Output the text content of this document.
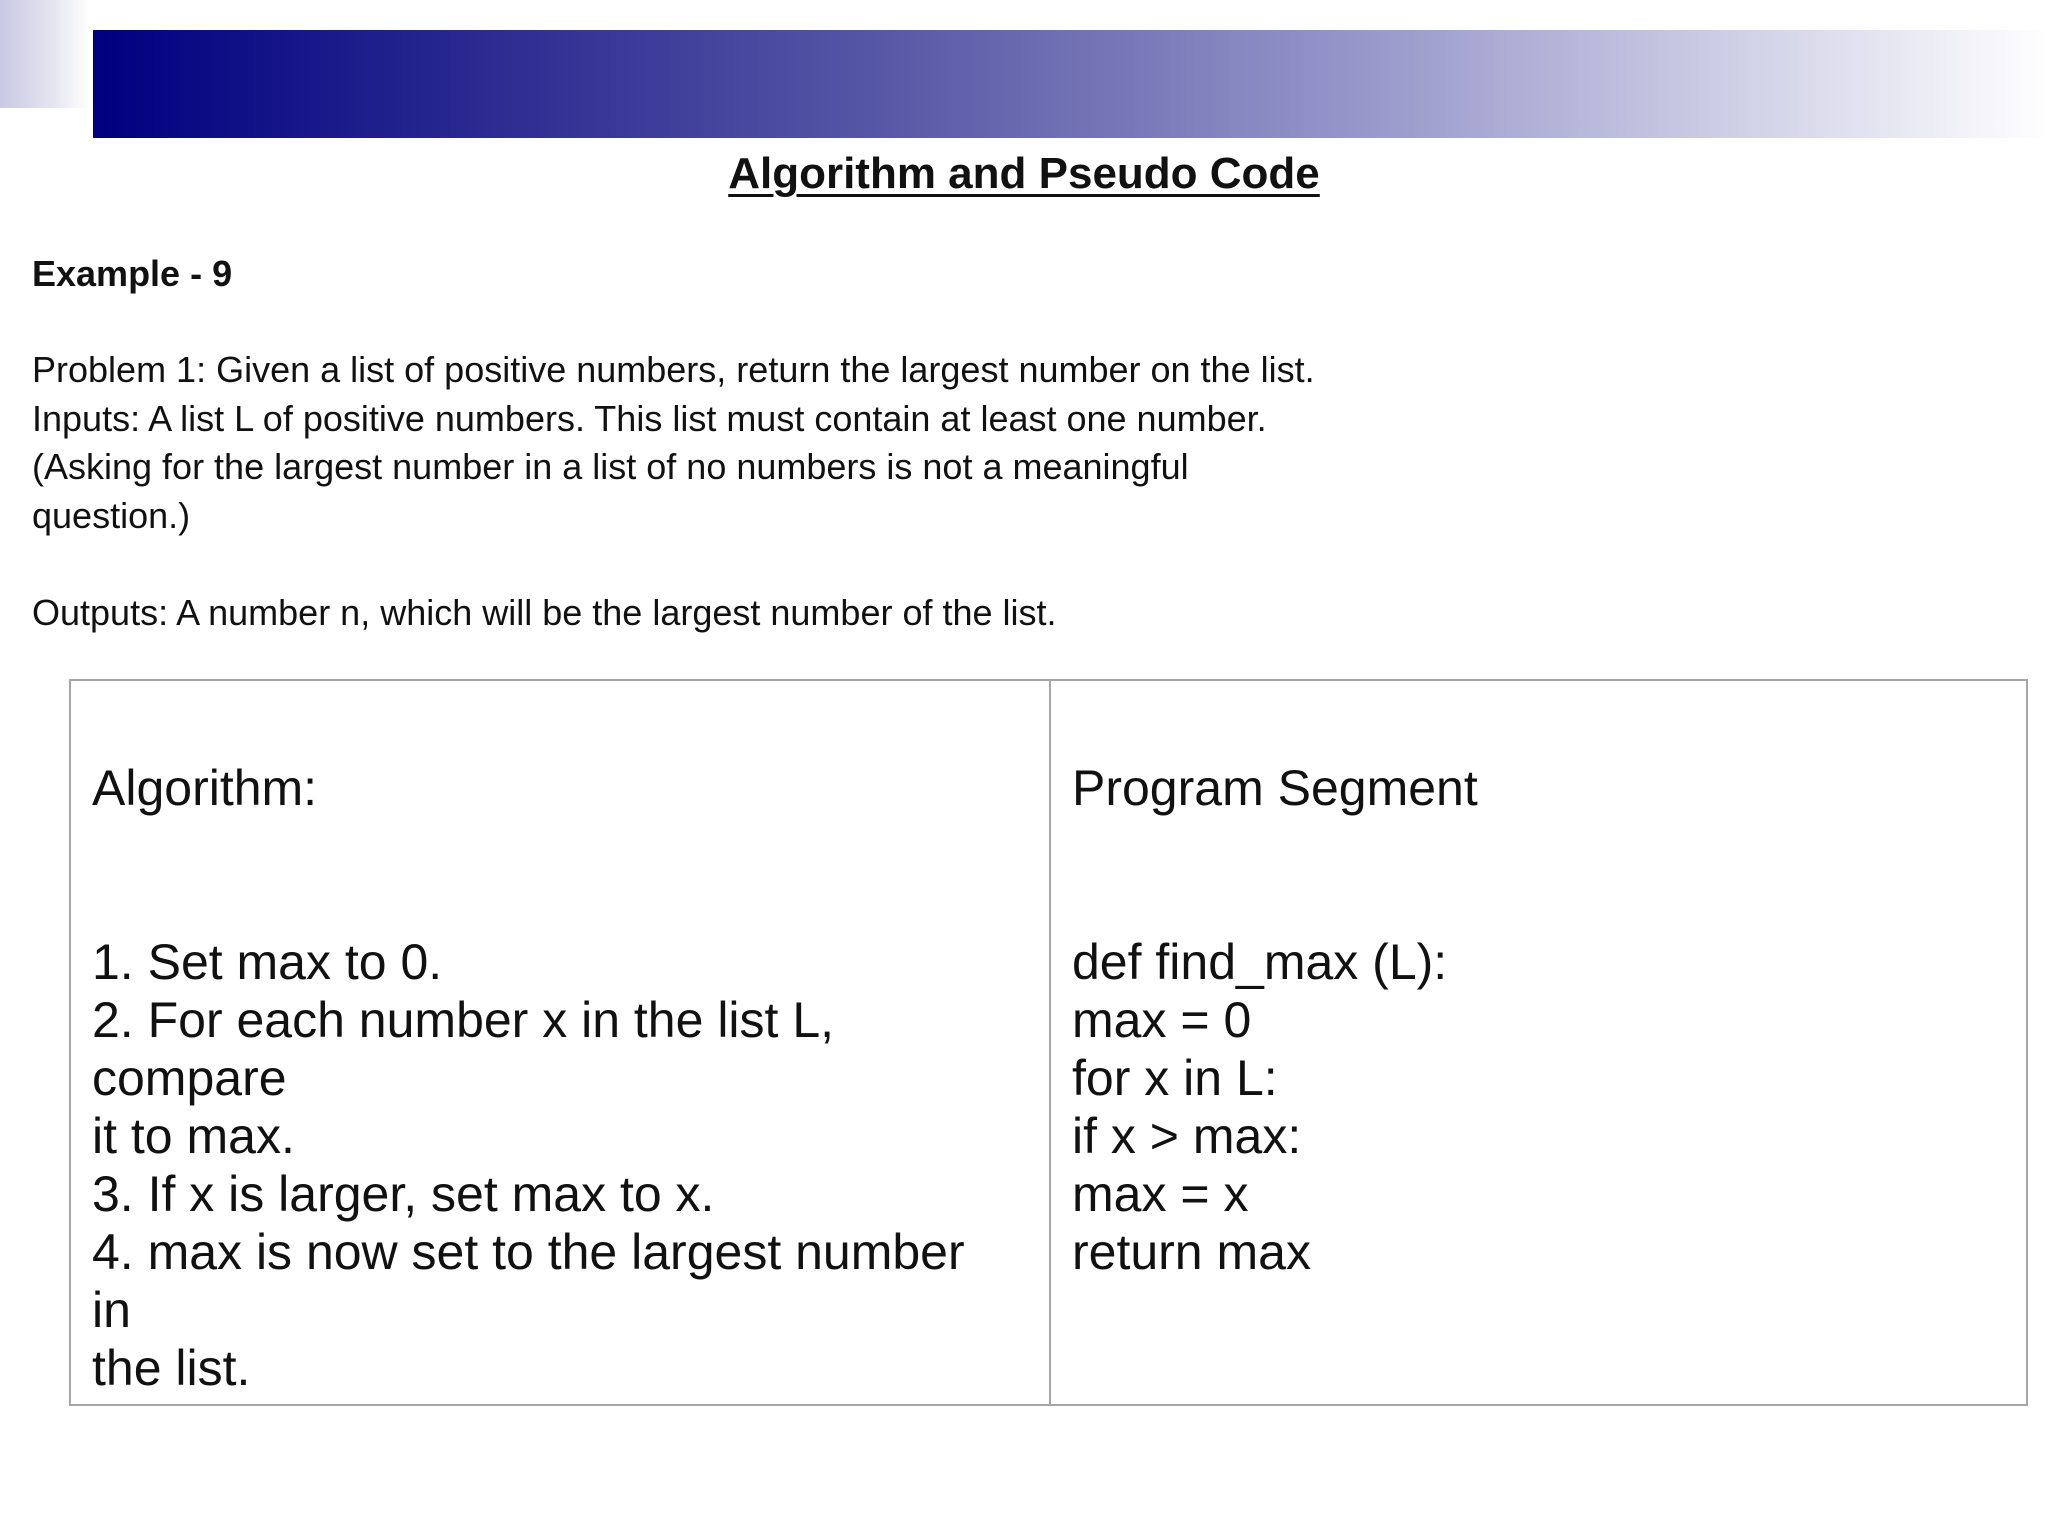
Algorithm and Pseudo Code

Example - 9

Problem 1: Given a list of positive numbers, return the largest number on the list.
Inputs: A list L of positive numbers. This list must contain at least one number.
(Asking for the largest number in a list of no numbers is not a meaningful
question.)

Outputs: A number n, which will be the largest number of the list.

Algorithm:

1. Set max to 0.
2. For each number x in the list L,
compare
it to max.
3. If x is larger, set max to x.
4. max is now set to the largest number
in
the list.

Program Segment

def find_max (L):
max = 0
for x in L:
if x > max:
max = x
return max
